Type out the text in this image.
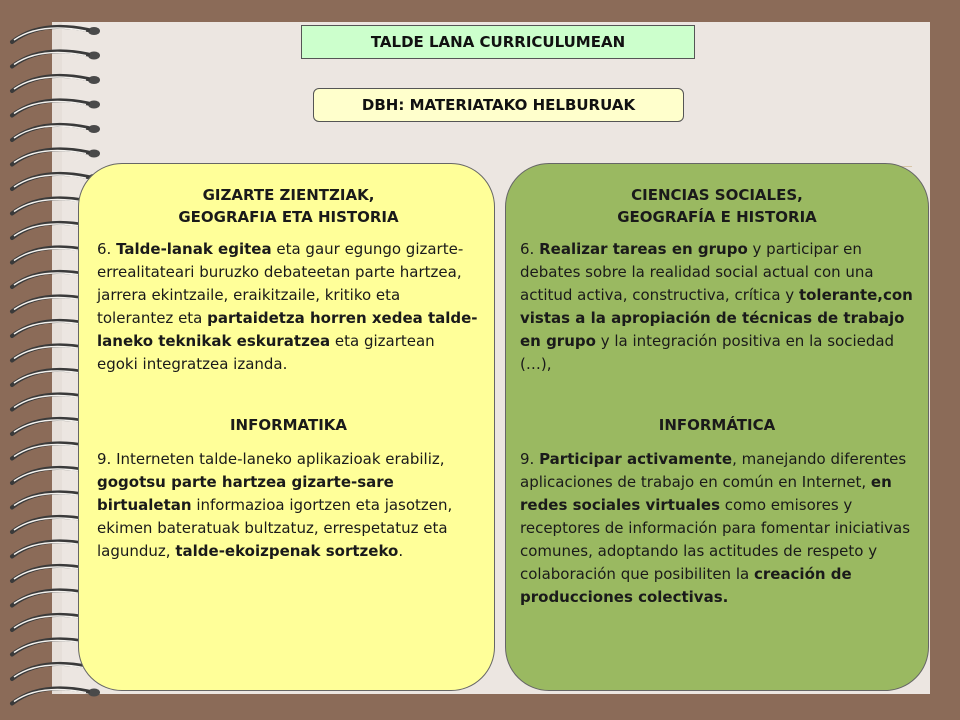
TALDE LANA CURRICULUMEAN
DBH: MATERIATAKO HELBURUAK
GIZARTE ZIENTZIAK,
GEOGRAFIA ETA HISTORIA

6. Talde-lanak egitea eta gaur egungo gizarte-errealitateari buruzko debateetan parte hartzea, jarrera ekintzaile, eraikitzaile, kritiko eta tolerantez eta partaidetza horren xedea talde-laneko teknikak eskuratzea eta gizartean egoki integratzea izanda.

INFORMATIKA

9. Interneten talde-laneko aplikazioak erabiliz, gogotsu parte hartzea gizarte-sare birtualetan informazioa igortzen eta jasotzen, ekimen bateratuak bultzatuz, errespetatuz eta lagunduz, talde-ekoizpenak sortzeko.

CIENCIAS SOCIALES,
GEOGRAFÍA E HISTORIA

6. Realizar tareas en grupo y participar en debates sobre la realidad social actual con una actitud activa, constructiva, crítica y tolerante,con vistas a la apropiación de técnicas de trabajo en grupo y la integración positiva en la sociedad (…),

INFORMÁTICA

9. Participar activamente, manejando diferentes aplicaciones de trabajo en común en Internet, en redes sociales virtuales como emisores y receptores de información para fomentar iniciativas comunes, adoptando las actitudes de respeto y colaboración que posibiliten la creación de producciones colectivas.
